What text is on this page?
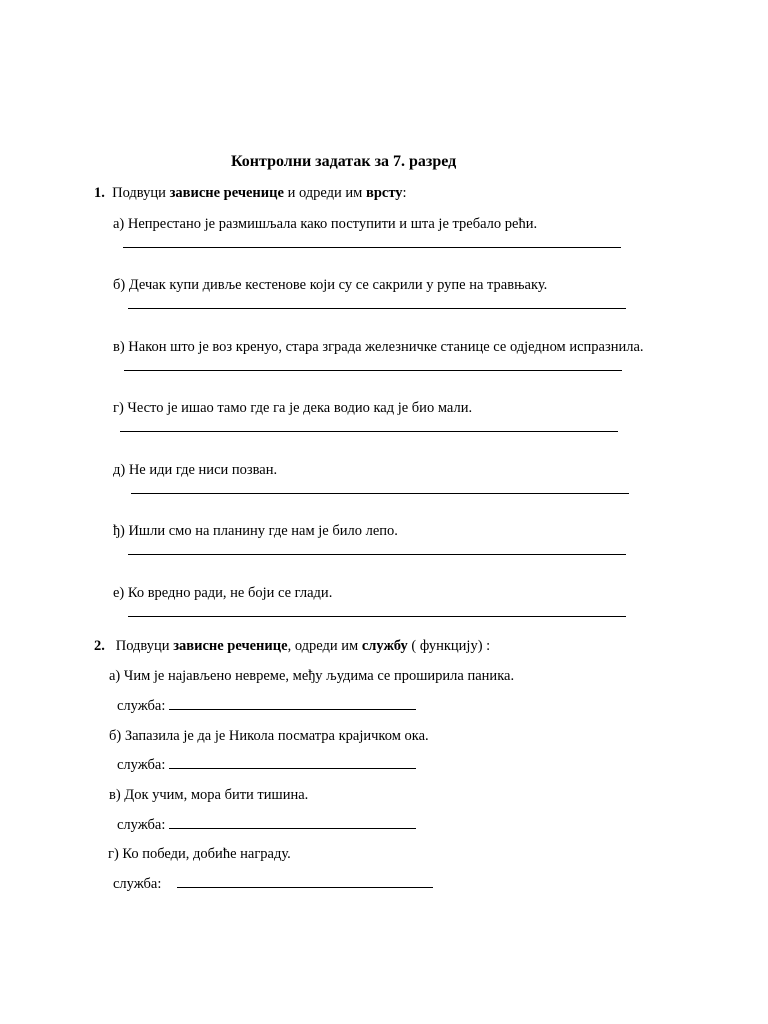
Контролни задатак за 7. разред
1. Подвуци зависне реченице и одреди им врсту:
а) Непрестано је размишљала како поступити и шта је требало рећи.
б) Дечак купи дивље кестенове који су се сакрили у рупе на травњаку.
в) Након што је воз кренуо, стара зграда железничке станице се одједном испразнила.
г) Често је ишао тамо где га је дека водио кад је био мали.
д) Не иди где ниси позван.
ђ) Ишли смо на планину где нам је било лепо.
е) Ко вредно ради, не боји се глади.
2. Подвуци зависне реченице, одреди им службу ( функцију) :
а) Чим је најављено невреме, међу људима се проширила паника.
служба:
б) Запазила је да је Никола посматра крајичком ока.
служба:
в) Док учим, мора бити тишина.
служба:
г) Ко победи, добиће награду.
служба:
